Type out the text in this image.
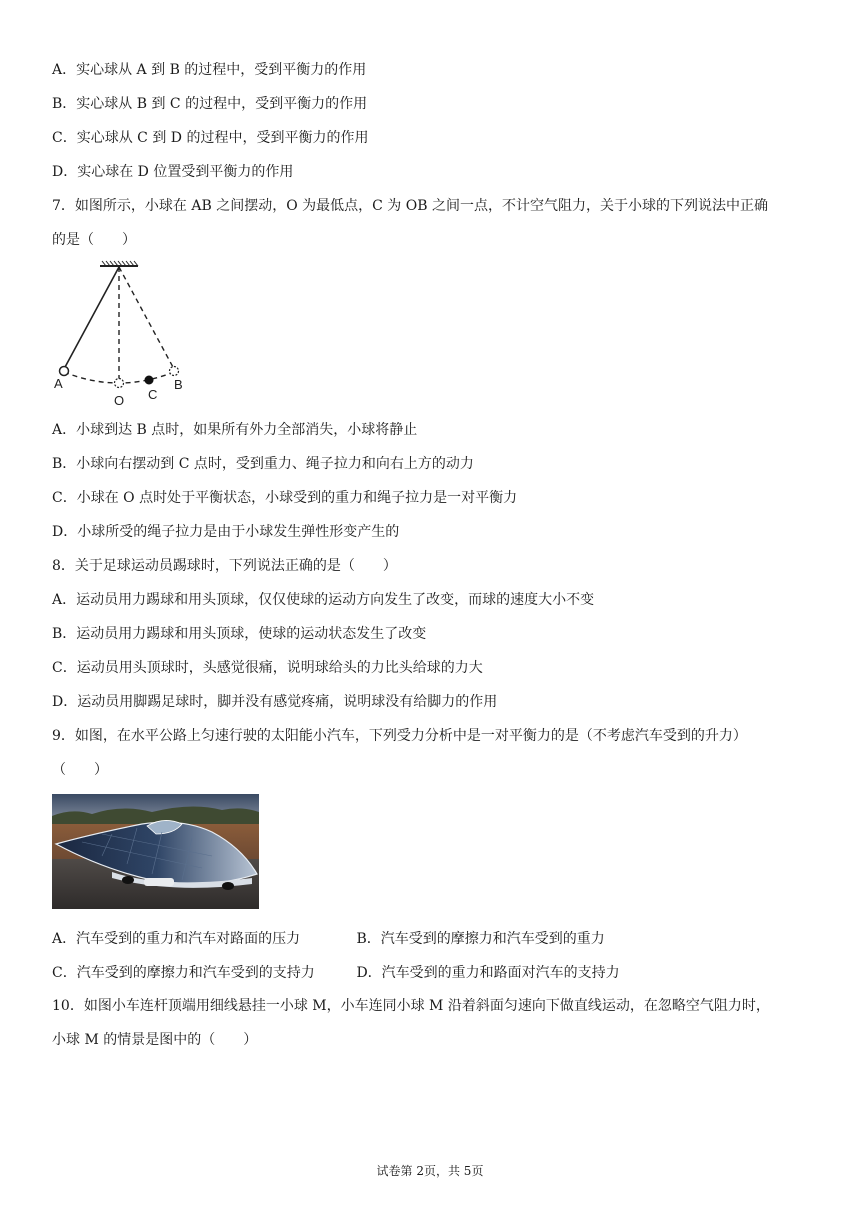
A．实心球从 A 到 B 的过程中，受到平衡力的作用
B．实心球从 B 到 C 的过程中，受到平衡力的作用
C．实心球从 C 到 D 的过程中，受到平衡力的作用
D．实心球在 D 位置受到平衡力的作用
7．如图所示，小球在 AB 之间摆动，O 为最低点，C 为 OB 之间一点，不计空气阻力，关于小球的下列说法中正确
的是（　　）
A
O C
B
A．小球到达 B 点时，如果所有外力全部消失，小球将静止
B．小球向右摆动到 C 点时，受到重力、绳子拉力和向右上方的动力
C．小球在 O 点时处于平衡状态，小球受到的重力和绳子拉力是一对平衡力
D．小球所受的绳子拉力是由于小球发生弹性形变产生的
8．关于足球运动员踢球时，下列说法正确的是（　　）
A．运动员用力踢球和用头顶球，仅仅使球的运动方向发生了改变，而球的速度大小不变
B．运动员用力踢球和用头顶球，使球的运动状态发生了改变
C．运动员用头顶球时，头感觉很痛，说明球给头的力比头给球的力大
D．运动员用脚踢足球时，脚并没有感觉疼痛，说明球没有给脚力的作用
9．如图，在水平公路上匀速行驶的太阳能小汽车，下列受力分析中是一对平衡力的是（不考虑汽车受到的升力）
（　　）
A．汽车受到的重力和汽车对路面的压力	B．汽车受到的摩擦力和汽车受到的重力
C．汽车受到的摩擦力和汽车受到的支持力	D．汽车受到的重力和路面对汽车的支持力
10．如图小车连杆顶端用细线悬挂一小球 M，小车连同小球 M 沿着斜面匀速向下做直线运动，在忽略空气阻力时，
小球 M 的情景是图中的（　　）
试卷第 2页，共 5页
